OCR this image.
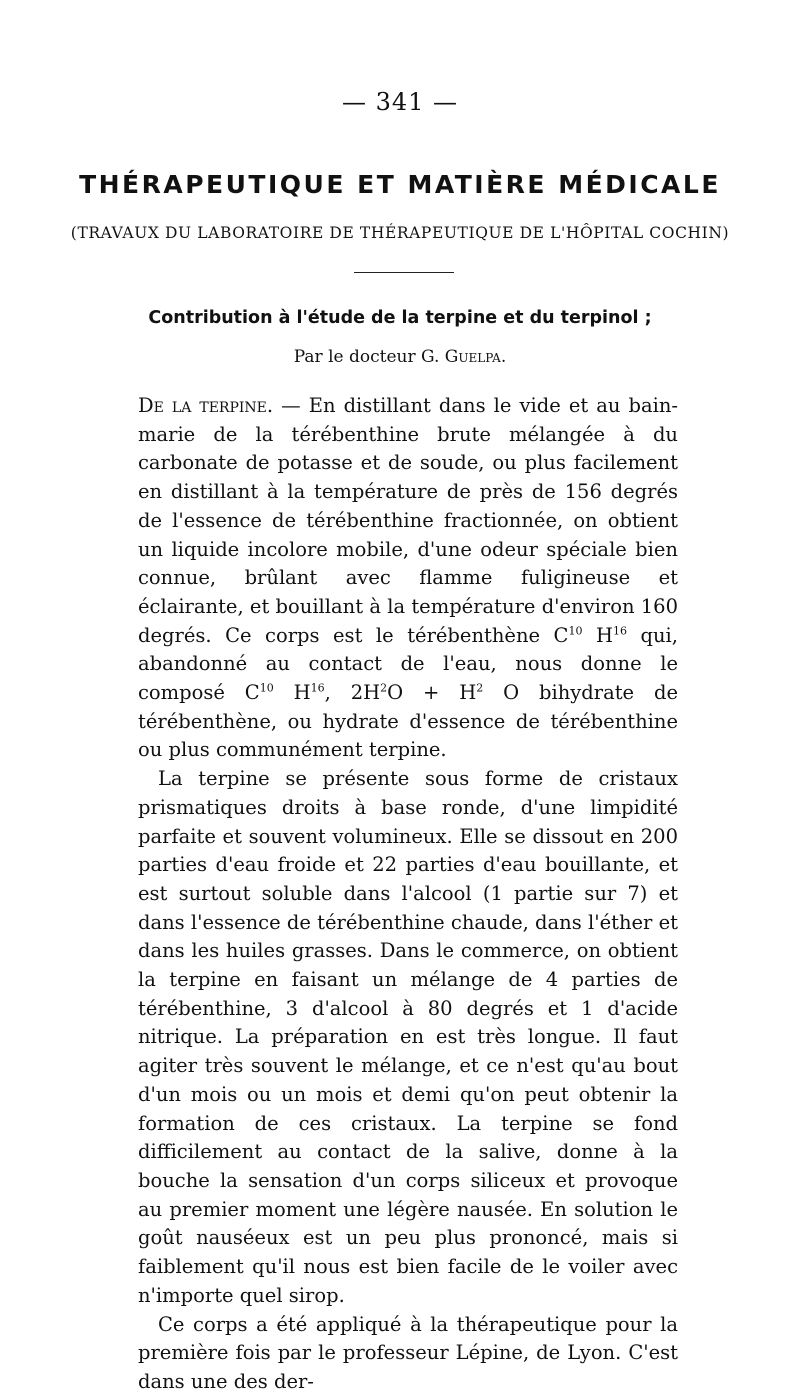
— 341 —
THÉRAPEUTIQUE ET MATIÈRE MÉDICALE
(TRAVAUX DU LABORATOIRE DE THÉRAPEUTIQUE DE L'HÔPITAL COCHIN)
Contribution à l'étude de la terpine et du terpinol ;
Par le docteur G. Guelpa.

De la terpine. — En distillant dans le vide et au bain-marie de la térébenthine brute mélangée à du carbonate de potasse et de soude, ou plus facilement en distillant à la température de près de 156 degrés de l'essence de térébenthine fractionnée, on obtient un liquide incolore mobile, d'une odeur spéciale bien connue, brûlant avec flamme fuligineuse et éclairante, et bouillant à la température d'environ 160 degrés. Ce corps est le térébenthène $C^{10}$ $H^{16}$ qui, abandonné au contact de l'eau, nous donne le composé $C^{10}$ $H^{16}$, $2H^2O + H^2$ O bihydrate de térébenthène, ou hydrate d'essence de térébenthine ou plus communément terpine.

La terpine se présente sous forme de cristaux prismatiques droits à base ronde, d'une limpidité parfaite et souvent volumineux. Elle se dissout en 200 parties d'eau froide et 22 parties d'eau bouillante, et est surtout soluble dans l'alcool (1 partie sur 7) et dans l'essence de térébenthine chaude, dans l'éther et dans les huiles grasses. Dans le commerce, on obtient la terpine en faisant un mélange de 4 parties de térébenthine, 3 d'alcool à 80 degrés et 1 d'acide nitrique. La préparation en est très longue. Il faut agiter très souvent le mélange, et ce n'est qu'au bout d'un mois ou un mois et demi qu'on peut obtenir la formation de ces cristaux. La terpine se fond difficilement au contact de la salive, donne à la bouche la sensation d'un corps siliceux et provoque au premier moment une légère nausée. En solution le goût nauséeux est un peu plus prononcé, mais si faiblement qu'il nous est bien facile de le voiler avec n'importe quel sirop.

Ce corps a été appliqué à la thérapeutique pour la première fois par le professeur Lépine, de Lyon. C'est dans une des der-
